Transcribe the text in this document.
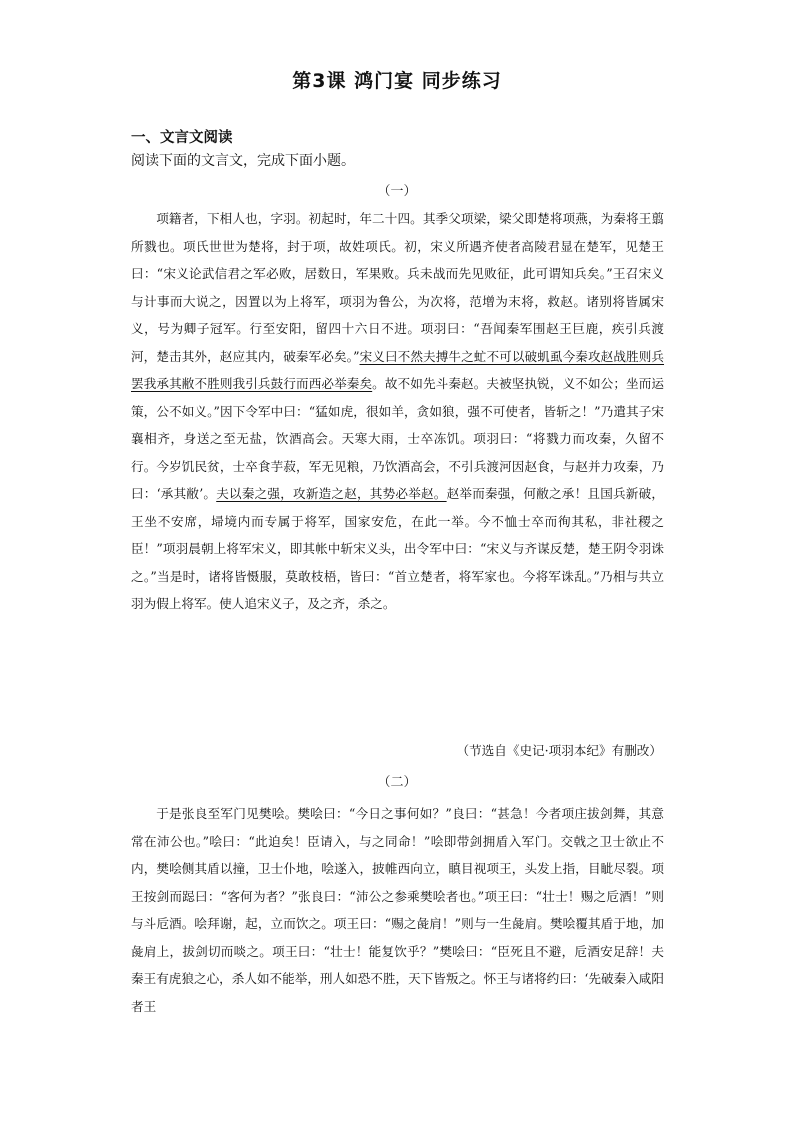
第3课 鸿门宴 同步练习
一、文言文阅读
阅读下面的文言文，完成下面小题。
（一）

项籍者，下相人也，字羽。初起时，年二十四。其季父项梁，梁父即楚将项燕，为秦将王翦所戮也。项氏世世为楚将，封于项，故姓项氏。初，宋义所遇齐使者高陵君显在楚军，见楚王曰：“宋义论武信君之军必败，居数日，军果败。兵未战而先见败征，此可谓知兵矣。”王召宋义与计事而大说之，因置以为上将军，项羽为鲁公，为次将，范增为末将，救赵。诸别将皆属宋义，号为卿子冠军。行至安阳，留四十六日不进。项羽曰：“吾闻秦军围赵王巨鹿，疾引兵渡河，楚击其外，赵应其内，破秦军必矣。”宋义曰不然夫搏牛之虻不可以破虮虱今秦攻赵战胜则兵罢我承其敝不胜则我引兵鼓行而西必举秦矣。故不如先斗秦赵。夫被坚执锐，义不如公；坐而运策，公不如义。”因下令军中曰：“猛如虎，很如羊，贪如狼，强不可使者，皆斩之！”乃遣其子宋襄相齐，身送之至无盐，饮酒高会。天寒大雨，士卒冻饥。项羽曰：“将戮力而攻秦，久留不行。今岁饥民贫，士卒食芋菽，军无见粮，乃饮酒高会，不引兵渡河因赵食，与赵并力攻秦，乃曰：‘承其敝’。夫以秦之强，攻新造之赵，其势必举赵。赵举而秦强，何敝之承！且国兵新破，王坐不安席，埽境内而专属于将军，国家安危，在此一举。今不恤士卒而徇其私，非社稷之臣！”项羽晨朝上将军宋义，即其帐中斩宋义头，出令军中曰：“宋义与齐谋反楚，楚王阴令羽诛之。”当是时，诸将皆慑服，莫敢枝梧，皆曰：“首立楚者，将军家也。今将军诛乱。”乃相与共立羽为假上将军。使人追宋义子，及之齐，杀之。

（节选自《史记·项羽本纪》有删改）
（二）

于是张良至军门见樊哙。樊哙曰：“今日之事何如？”良曰：“甚急！今者项庄拔剑舞，其意常在沛公也。”哙曰：“此迫矣！臣请入，与之同命！”哙即带剑拥盾入军门。交戟之卫士欲止不内，樊哙侧其盾以撞，卫士仆地，哙遂入，披帷西向立，瞋目视项王，头发上指，目眦尽裂。项王按剑而跽曰：“客何为者？”张良曰：“沛公之参乘樊哙者也。”项王曰：“壮士！赐之卮酒！”则与斗卮酒。哙拜谢，起，立而饮之。项王曰：“赐之彘肩！”则与一生彘肩。樊哙覆其盾于地，加彘肩上，拔剑切而啖之。项王曰：“壮士！能复饮乎？”樊哙曰：“臣死且不避，卮酒安足辞！夫秦王有虎狼之心，杀人如不能举，刑人如恐不胜，天下皆叛之。怀王与诸将约曰：‘先破秦入咸阳者王
